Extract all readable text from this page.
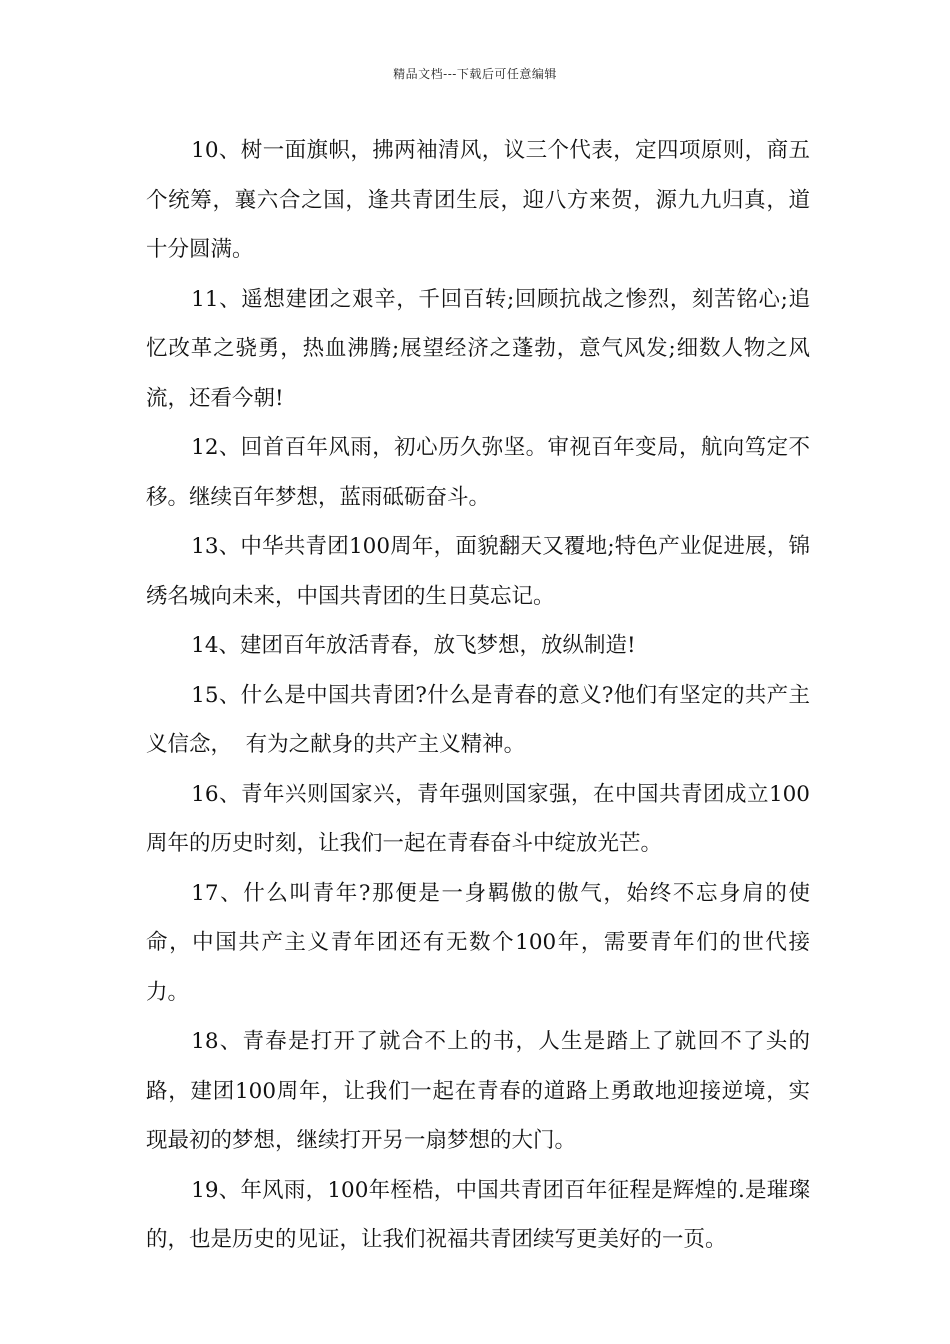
精品文档---下载后可任意编辑

10、树一面旗帜，拂两袖清风，议三个代表，定四项原则，商五个统筹，襄六合之国，逢共青团生辰，迎八方来贺，源九九归真，道十分圆满。

11、遥想建团之艰辛，千回百转;回顾抗战之惨烈，刻苦铭心;追忆改革之骁勇，热血沸腾;展望经济之蓬勃，意气风发;细数人物之风流，还看今朝!

12、回首百年风雨，初心历久弥坚。审视百年变局，航向笃定不移。继续百年梦想，蓝雨砥砺奋斗。

13、中华共青团100周年，面貌翻天又覆地;特色产业促进展，锦绣名城向未来，中国共青团的生日莫忘记。

14、建团百年放活青春，放飞梦想，放纵制造!

15、什么是中国共青团?什么是青春的意义?他们有坚定的共产主义信念，  有为之献身的共产主义精神。

16、青年兴则国家兴，青年强则国家强，在中国共青团成立100周年的历史时刻，让我们一起在青春奋斗中绽放光芒。

17、什么叫青年?那便是一身羁傲的傲气，始终不忘身肩的使命，中国共产主义青年团还有无数个100年，需要青年们的世代接力。

18、青春是打开了就合不上的书，人生是踏上了就回不了头的路，建团100周年，让我们一起在青春的道路上勇敢地迎接逆境，实现最初的梦想，继续打开另一扇梦想的大门。

19、年风雨，100年桎梏，中国共青团百年征程是辉煌的.是璀璨的，也是历史的见证，让我们祝福共青团续写更美好的一页。
